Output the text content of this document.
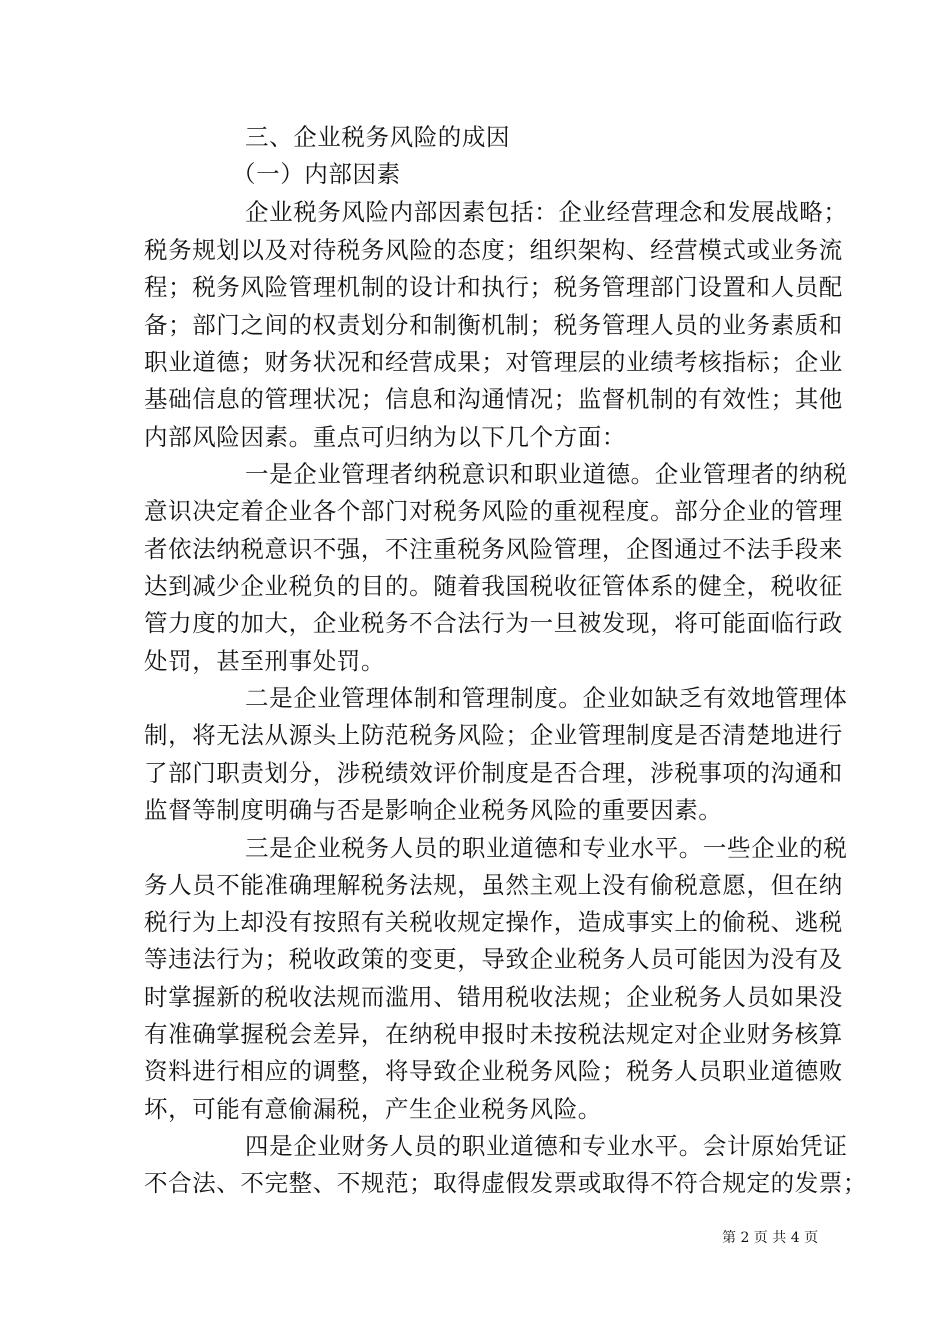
三、企业税务风险的成因
（一）内部因素
企业税务风险内部因素包括：企业经营理念和发展战略；
税务规划以及对待税务风险的态度；组织架构、经营模式或业务流
程；税务风险管理机制的设计和执行；税务管理部门设置和人员配
备；部门之间的权责划分和制衡机制；税务管理人员的业务素质和
职业道德；财务状况和经营成果；对管理层的业绩考核指标；企业
基础信息的管理状况；信息和沟通情况；监督机制的有效性；其他
内部风险因素。重点可归纳为以下几个方面：
一是企业管理者纳税意识和职业道德。企业管理者的纳税
意识决定着企业各个部门对税务风险的重视程度。部分企业的管理
者依法纳税意识不强，不注重税务风险管理，企图通过不法手段来
达到减少企业税负的目的。随着我国税收征管体系的健全，税收征
管力度的加大，企业税务不合法行为一旦被发现，将可能面临行政
处罚，甚至刑事处罚。
二是企业管理体制和管理制度。企业如缺乏有效地管理体
制，将无法从源头上防范税务风险；企业管理制度是否清楚地进行
了部门职责划分，涉税绩效评价制度是否合理，涉税事项的沟通和
监督等制度明确与否是影响企业税务风险的重要因素。
三是企业税务人员的职业道德和专业水平。一些企业的税
务人员不能准确理解税务法规，虽然主观上没有偷税意愿，但在纳
税行为上却没有按照有关税收规定操作，造成事实上的偷税、逃税
等违法行为；税收政策的变更，导致企业税务人员可能因为没有及
时掌握新的税收法规而滥用、错用税收法规；企业税务人员如果没
有准确掌握税会差异，在纳税申报时未按税法规定对企业财务核算
资料进行相应的调整，将导致企业税务风险；税务人员职业道德败
坏，可能有意偷漏税，产生企业税务风险。
四是企业财务人员的职业道德和专业水平。会计原始凭证
不合法、不完整、不规范；取得虚假发票或取得不符合规定的发票；
第 2 页 共 4 页
